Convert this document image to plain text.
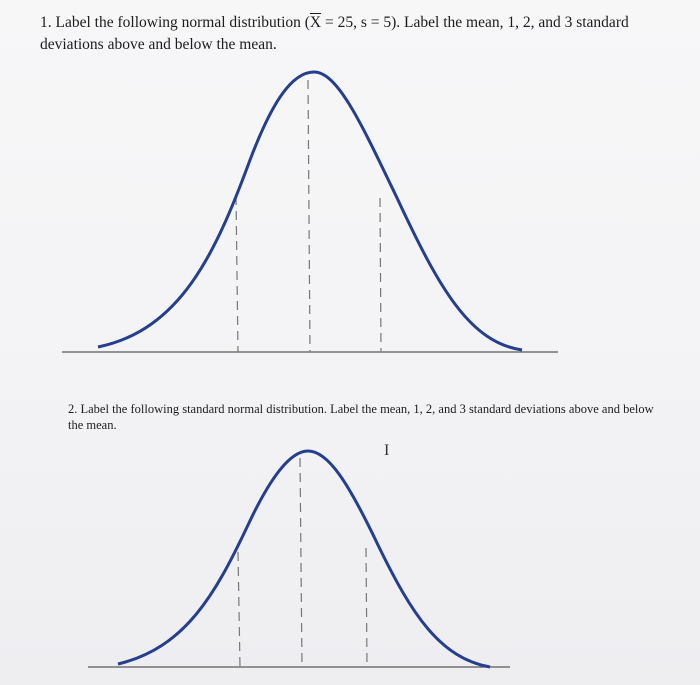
1. Label the following normal distribution ($\overline{X} = 25$, s = 5). Label the mean, 1, 2, and 3 standard deviations above and below the mean.
2. Label the following standard normal distribution. Label the mean, 1, 2, and 3 standard deviations above and below the mean.
I
